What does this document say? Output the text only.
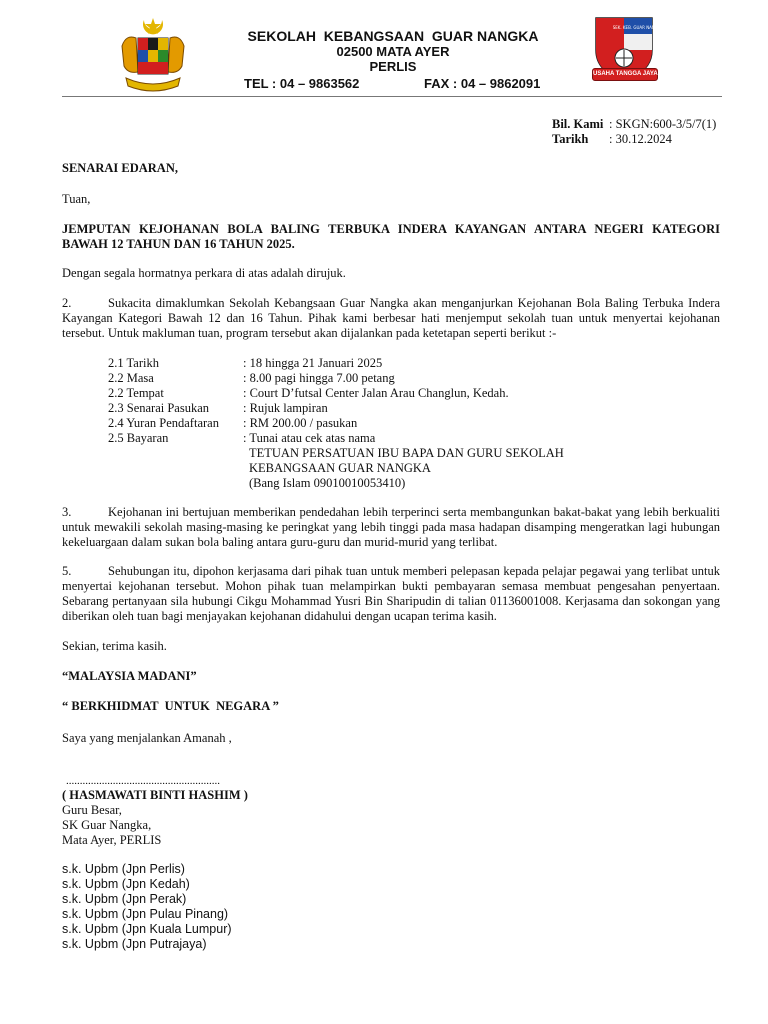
SEKOLAH  KEBANGSAAN  GUAR NANGKA
02500 MATA AYER
PERLIS
TEL : 04 – 9863562	FAX : 04 – 9862091
SEK. KEB. GUAR NANGKA
USAHA TANGGA JAYA
Bil. Kami : SKGN:600-3/5/7(1)
Tarikh : 30.12.2024
SENARAI EDARAN,
Tuan,
JEMPUTAN KEJOHANAN BOLA BALING TERBUKA INDERA KAYANGAN ANTARA NEGERI KATEGORI BAWAH 12 TAHUN DAN 16 TAHUN 2025.
Dengan segala hormatnya perkara di atas adalah dirujuk.
2.	Sukacita dimaklumkan Sekolah Kebangsaan Guar Nangka akan menganjurkan Kejohanan Bola Baling Terbuka Indera Kayangan Kategori Bawah 12 dan 16 Tahun. Pihak kami berbesar hati menjemput sekolah tuan untuk menyertai kejohanan tersebut. Untuk makluman tuan, program tersebut akan dijalankan pada ketetapan seperti berikut :-
2.1 Tarikh	: 18 hingga 21 Januari 2025
2.2 Masa	: 8.00 pagi hingga 7.00 petang
2.2 Tempat	: Court D’futsal Center Jalan Arau Changlun, Kedah.
2.3 Senarai Pasukan	: Rujuk lampiran
2.4 Yuran Pendaftaran	: RM 200.00 / pasukan
2.5 Bayaran	: Tunai atau cek atas nama
TETUAN PERSATUAN IBU BAPA DAN GURU SEKOLAH
KEBANGSAAN GUAR NANGKA
(Bang Islam 09010010053410)
3.	Kejohanan ini bertujuan memberikan pendedahan lebih terperinci serta membangunkan bakat-bakat yang lebih berkualiti untuk mewakili sekolah masing-masing ke peringkat yang lebih tinggi pada masa hadapan disamping mengeratkan lagi hubungan kekeluargaan dalam sukan bola baling antara guru-guru dan murid-murid yang terlibat.
5.	Sehubungan itu, dipohon kerjasama dari pihak tuan untuk memberi pelepasan kepada pelajar pegawai yang terlibat untuk menyertai kejohanan tersebut. Mohon pihak tuan melampirkan bukti pembayaran semasa membuat pengesahan penyertaan. Sebarang pertanyaan sila hubungi Cikgu Mohammad Yusri Bin Sharipudin di talian 01136001008. Kerjasama dan sokongan yang diberikan oleh tuan bagi menjayakan kejohanan didahului dengan ucapan terima kasih.
Sekian, terima kasih.
“MALAYSIA MADANI”
“ BERKHIDMAT  UNTUK  NEGARA ”
Saya yang menjalankan Amanah ,
........................................................
( HASMAWATI BINTI HASHIM )
Guru Besar,
SK Guar Nangka,
Mata Ayer, PERLIS
s.k. Upbm (Jpn Perlis)
s.k. Upbm (Jpn Kedah)
s.k. Upbm (Jpn Perak)
s.k. Upbm (Jpn Pulau Pinang)
s.k. Upbm (Jpn Kuala Lumpur)
s.k. Upbm (Jpn Putrajaya)
